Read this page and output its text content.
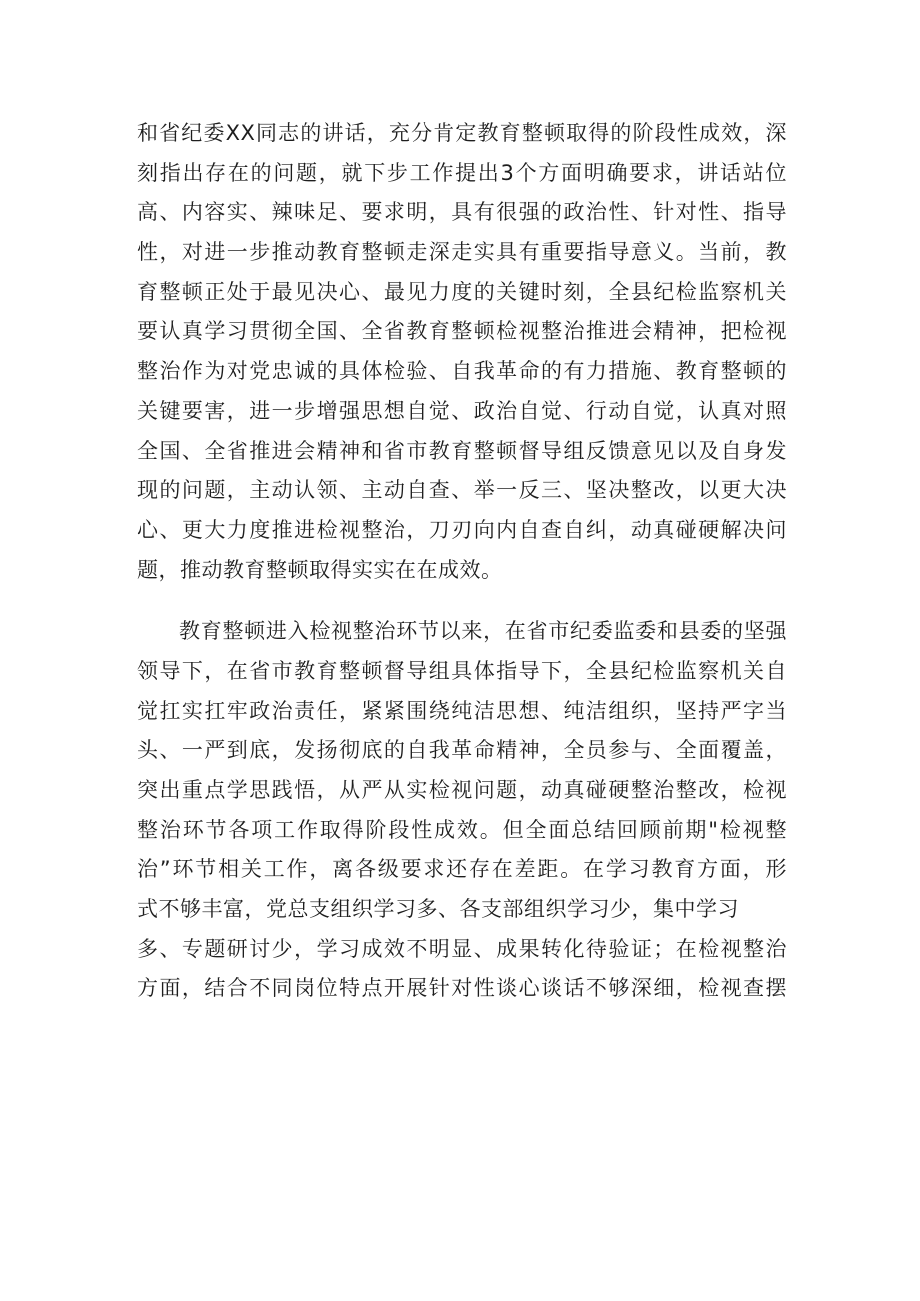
和省纪委XX同志的讲话，充分肯定教育整顿取得的阶段性成效，深
刻指出存在的问题，就下步工作提出3个方面明确要求，讲话站位
高、内容实、辣味足、要求明，具有很强的政治性、针对性、指导
性，对进一步推动教育整顿走深走实具有重要指导意义。当前，教
育整顿正处于最见决心、最见力度的关键时刻，全县纪检监察机关
要认真学习贯彻全国、全省教育整顿检视整治推进会精神，把检视
整治作为对党忠诚的具体检验、自我革命的有力措施、教育整顿的
关键要害，进一步增强思想自觉、政治自觉、行动自觉，认真对照
全国、全省推进会精神和省市教育整顿督导组反馈意见以及自身发
现的问题，主动认领、主动自查、举一反三、坚决整改，以更大决
心、更大力度推进检视整治，刀刃向内自查自纠，动真碰硬解决问
题，推动教育整顿取得实实在在成效。

教育整顿进入检视整治环节以来，在省市纪委监委和县委的坚强
领导下，在省市教育整顿督导组具体指导下，全县纪检监察机关自
觉扛实扛牢政治责任，紧紧围绕纯洁思想、纯洁组织，坚持严字当
头、一严到底，发扬彻底的自我革命精神，全员参与、全面覆盖，
突出重点学思践悟，从严从实检视问题，动真碰硬整治整改，检视
整治环节各项工作取得阶段性成效。但全面总结回顾前期"检视整
治”环节相关工作，离各级要求还存在差距。在学习教育方面，形
式不够丰富，党总支组织学习多、各支部组织学习少，集中学习
多、专题研讨少，学习成效不明显、成果转化待验证；在检视整治
方面，结合不同岗位特点开展针对性谈心谈话不够深细，检视查摆
